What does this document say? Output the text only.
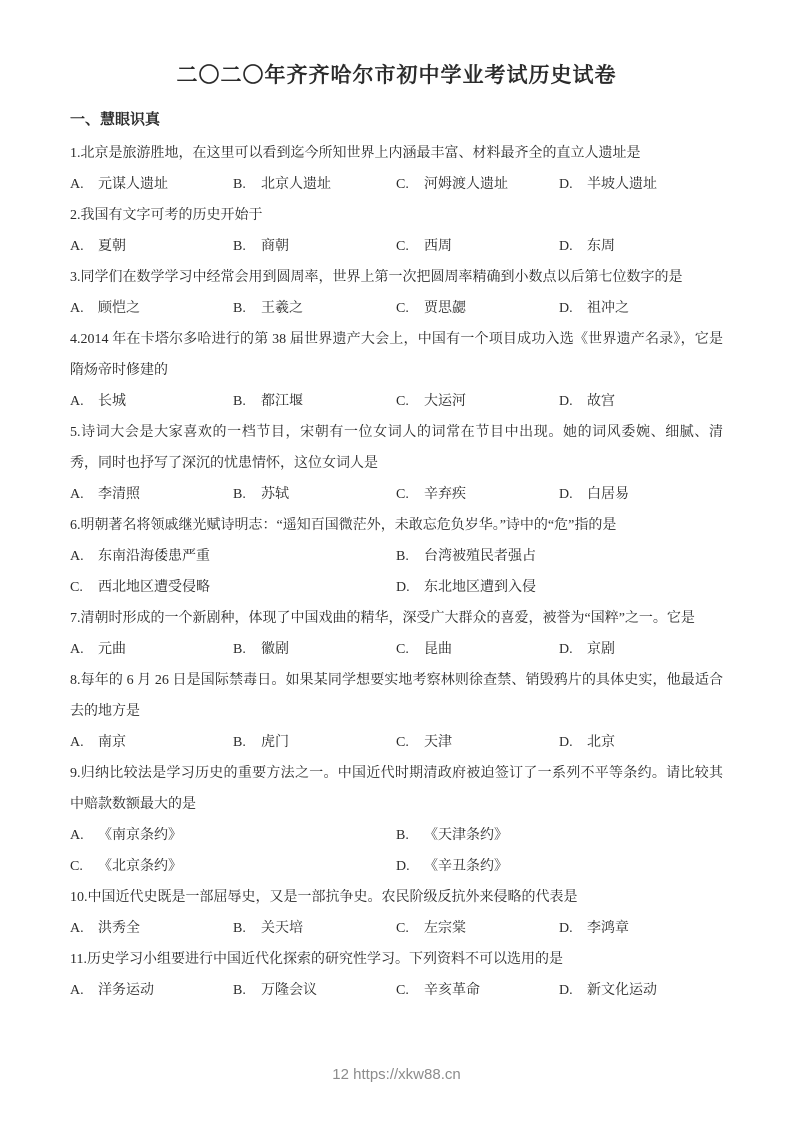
二〇二〇年齐齐哈尔市初中学业考试历史试卷
一、慧眼识真

1.北京是旅游胜地，在这里可以看到迄今所知世界上内涵最丰富、材料最齐全的直立人遗址是

A. 元谋人遗址	B. 北京人遗址	C. 河姆渡人遗址	D. 半坡人遗址

2.我国有文字可考的历史开始于

A. 夏朝	B. 商朝	C. 西周	D. 东周

3.同学们在数学学习中经常会用到圆周率，世界上第一次把圆周率精确到小数点以后第七位数字的是

A. 顾恺之	B. 王羲之	C. 贾思勰	D. 祖冲之

4.2014 年在卡塔尔多哈进行的第 38 届世界遗产大会上，中国有一个项目成功入选《世界遗产名录》，它是隋炀帝时修建的

A. 长城	B. 都江堰	C. 大运河	D. 故宫

5.诗词大会是大家喜欢的一档节目，宋朝有一位女词人的词常在节目中出现。她的词风委婉、细腻、清秀，同时也抒写了深沉的忧患情怀，这位女词人是

A. 李清照	B. 苏轼	C. 辛弃疾	D. 白居易

6.明朝著名将领戚继光赋诗明志：“遥知百国微茫外，未敢忘危负岁华。”诗中的“危”指的是

A. 东南沿海倭患严重	B. 台湾被殖民者强占
C. 西北地区遭受侵略	D. 东北地区遭到入侵

7.清朝时形成的一个新剧种，体现了中国戏曲的精华，深受广大群众的喜爱，被誉为“国粹”之一。它是

A. 元曲	B. 徽剧	C. 昆曲	D. 京剧

8.每年的 6 月 26 日是国际禁毒日。如果某同学想要实地考察林则徐查禁、销毁鸦片的具体史实，他最适合去的地方是

A. 南京	B. 虎门	C. 天津	D. 北京

9.归纳比较法是学习历史的重要方法之一。中国近代时期清政府被迫签订了一系列不平等条约。请比较其中赔款数额最大的是

A. 《南京条约》	B. 《天津条约》
C. 《北京条约》	D. 《辛丑条约》

10.中国近代史既是一部屈辱史，又是一部抗争史。农民阶级反抗外来侵略的代表是

A. 洪秀全	B. 关天培	C. 左宗棠	D. 李鸿章

11.历史学习小组要进行中国近代化探索的研究性学习。下列资料不可以选用的是

A. 洋务运动	B. 万隆会议	C. 辛亥革命	D. 新文化运动
12 https://xkw88.cn
